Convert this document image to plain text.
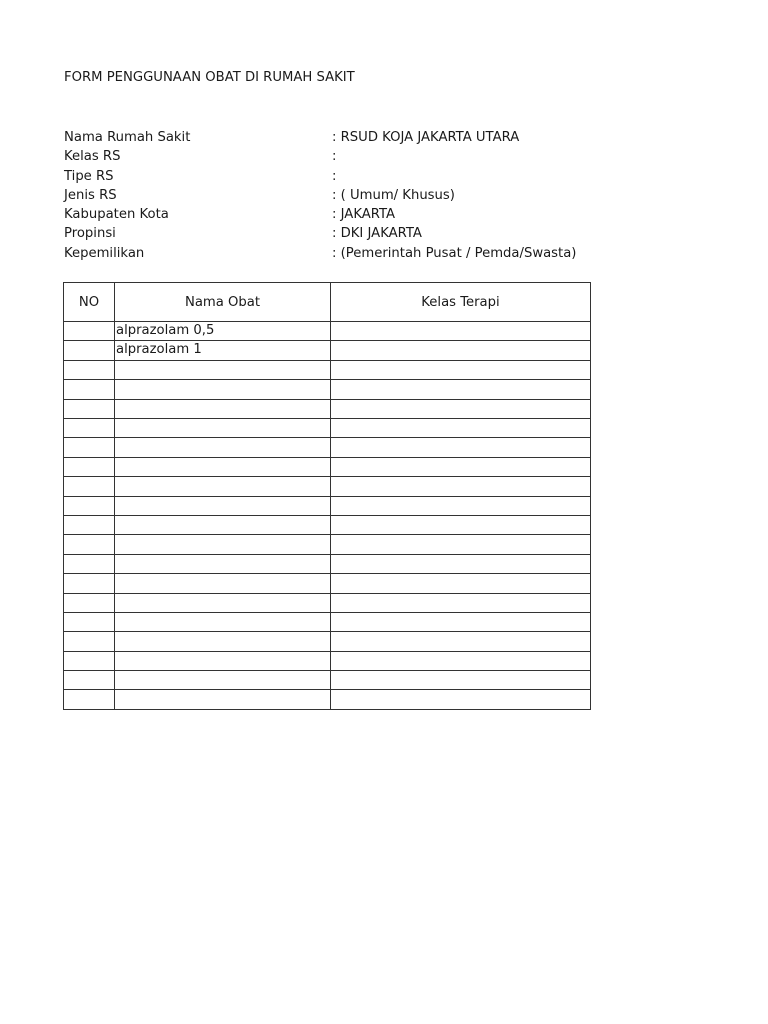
FORM PENGGUNAAN OBAT DI RUMAH SAKIT
Nama Rumah Sakit	: RSUD KOJA JAKARTA UTARA
Kelas RS	:
Tipe RS	:
Jenis RS	: ( Umum/ Khusus)
Kabupaten Kota	: JAKARTA
Propinsi	: DKI JAKARTA
Kepemilikan	: (Pemerintah Pusat / Pemda/Swasta)
NO	Nama Obat	Kelas Terapi
	alprazolam 0,5	
	alprazolam 1	
